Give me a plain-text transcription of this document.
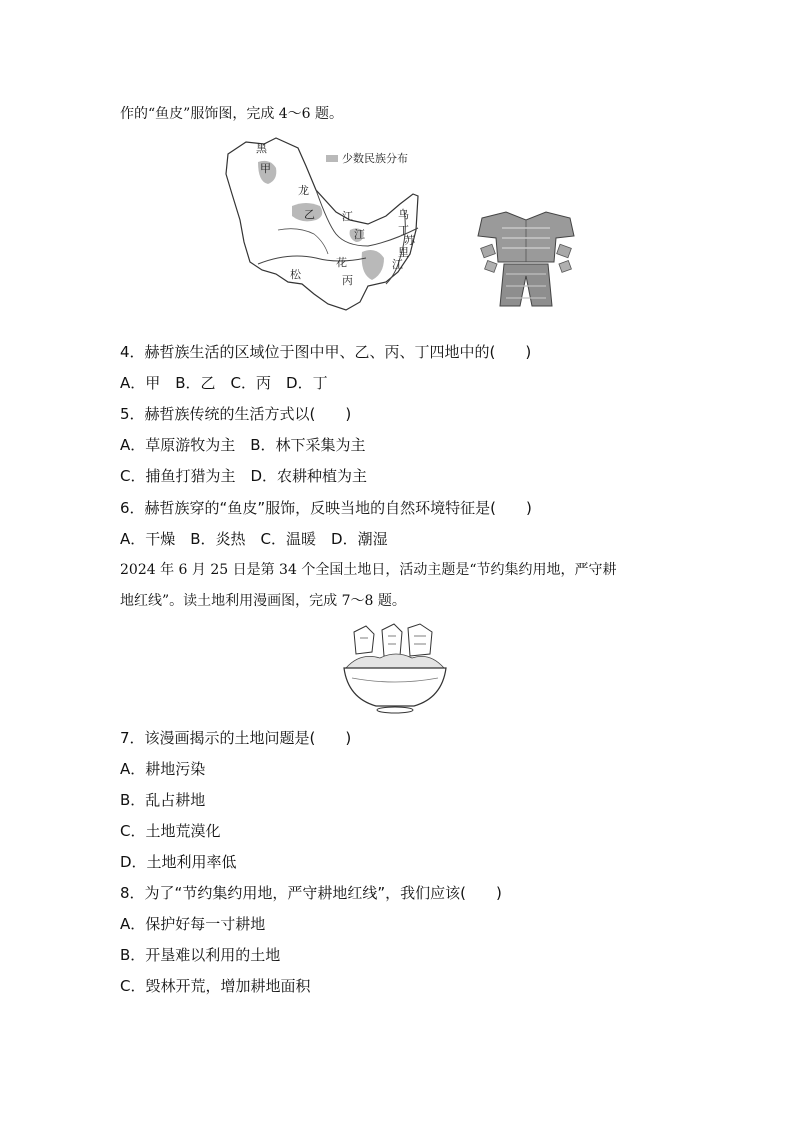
作的“鱼皮”服饰图，完成 4～6 题。
少数民族分布
黑
甲
龙
乙 江
江
松
花
丙
乌
丁
苏
里
江
4．赫哲族生活的区域位于图中甲、乙、丙、丁四地中的(　　)
A．甲　B．乙　C．丙　D．丁
5．赫哲族传统的生活方式以(　　)
A．草原游牧为主　B．林下采集为主
C．捕鱼打猎为主　D．农耕种植为主
6．赫哲族穿的“鱼皮”服饰，反映当地的自然环境特征是(　　)
A．干燥　B．炎热　C．温暖　D．潮湿
2024 年 6 月 25 日是第 34 个全国土地日，活动主题是“节约集约用地，严守耕
地红线”。读土地利用漫画图，完成 7～8 题。
7．该漫画揭示的土地问题是(　　)
A．耕地污染
B．乱占耕地
C．土地荒漠化
D．土地利用率低
8．为了“节约集约用地，严守耕地红线”，我们应该(　　)
A．保护好每一寸耕地
B．开垦难以利用的土地
C．毁林开荒，增加耕地面积
